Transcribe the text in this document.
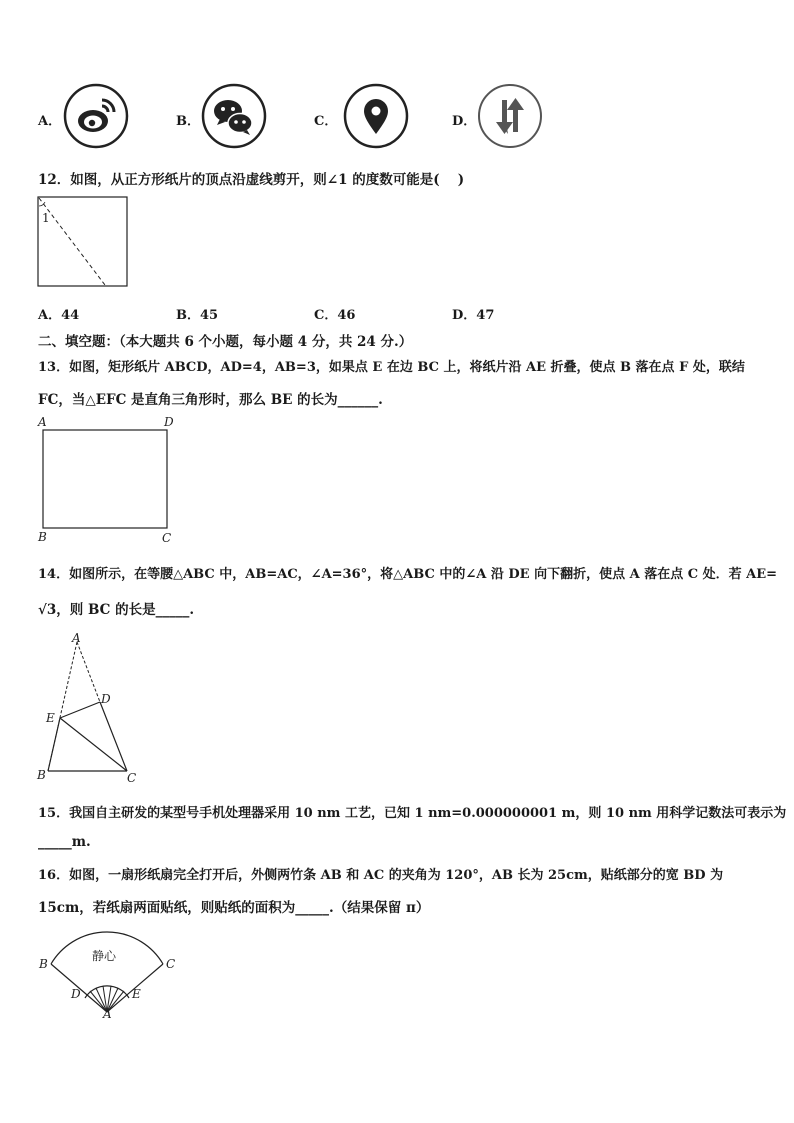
A．	B．	C．	D．
12．如图，从正方形纸片的顶点沿虚线剪开，则∠1 的度数可能是(　 )
1
A．44	B．45	C．46	D．47
二、填空题：（本大题共 6 个小题，每小题 4 分，共 24 分.）
13．如图，矩形纸片 ABCD，AD=4，AB=3，如果点 E 在边 BC 上，将纸片沿 AE 折叠，使点 B 落在点 F 处，联结
FC，当△EFC 是直角三角形时，那么 BE 的长为______.
A	D
B	C
14．如图所示，在等腰△ABC 中，AB=AC，∠A=36°，将△ABC 中的∠A 沿 DE 向下翻折，使点 A 落在点 C 处．若 AE=
√3，则 BC 的长是_____.
A
D
E
B	C
15．我国自主研发的某型号手机处理器采用 10 nm 工艺，已知 1 nm=0.000000001 m，则 10 nm 用科学记数法可表示为
_____m.
16．如图，一扇形纸扇完全打开后，外侧两竹条 AB 和 AC 的夹角为 120°，AB 长为 25cm，贴纸部分的宽 BD 为
15cm，若纸扇两面贴纸，则贴纸的面积为_____.（结果保留 π）
静心
B	C
D	E
A
